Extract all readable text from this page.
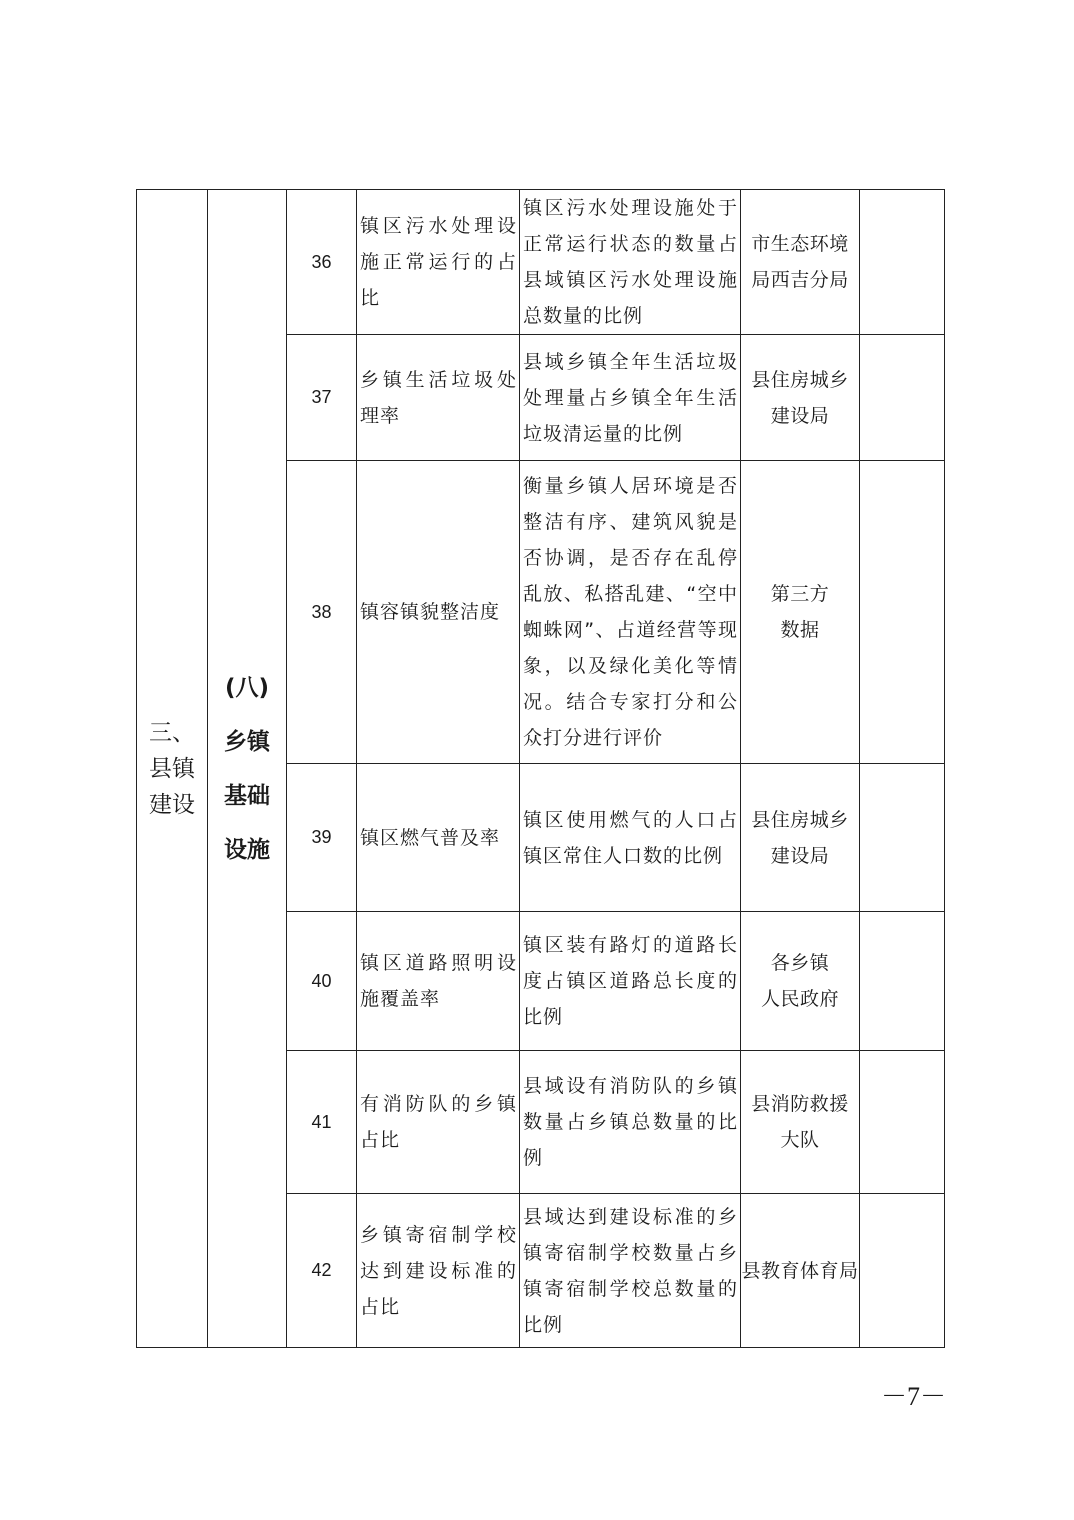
三、
县镇
建设	(八)
乡镇
基础
设施	36	镇区污水处理设施正常运行的占比	镇区污水处理设施处于正常运行状态的数量占县域镇区污水处理设施总数量的比例	市生态环境
局西吉分局	

		37	乡镇生活垃圾处理率	县域乡镇全年生活垃圾处理量占乡镇全年生活垃圾清运量的比例	县住房城乡
建设局	

		38	镇容镇貌整洁度	衡量乡镇人居环境是否整洁有序、建筑风貌是否协调，是否存在乱停乱放、私搭乱建、“空中蜘蛛网”、占道经营等现象，以及绿化美化等情况。结合专家打分和公众打分进行评价	第三方
数据	

		39	镇区燃气普及率	镇区使用燃气的人口占镇区常住人口数的比例	县住房城乡
建设局	

		40	镇区道路照明设施覆盖率	镇区装有路灯的道路长度占镇区道路总长度的比例	各乡镇
人民政府	

		41	有消防队的乡镇占比	县域设有消防队的乡镇数量占乡镇总数量的比例	县消防救援
大队	

		42	乡镇寄宿制学校达到建设标准的占比	县域达到建设标准的乡镇寄宿制学校数量占乡镇寄宿制学校总数量的比例	县教育体育局	

－7－
